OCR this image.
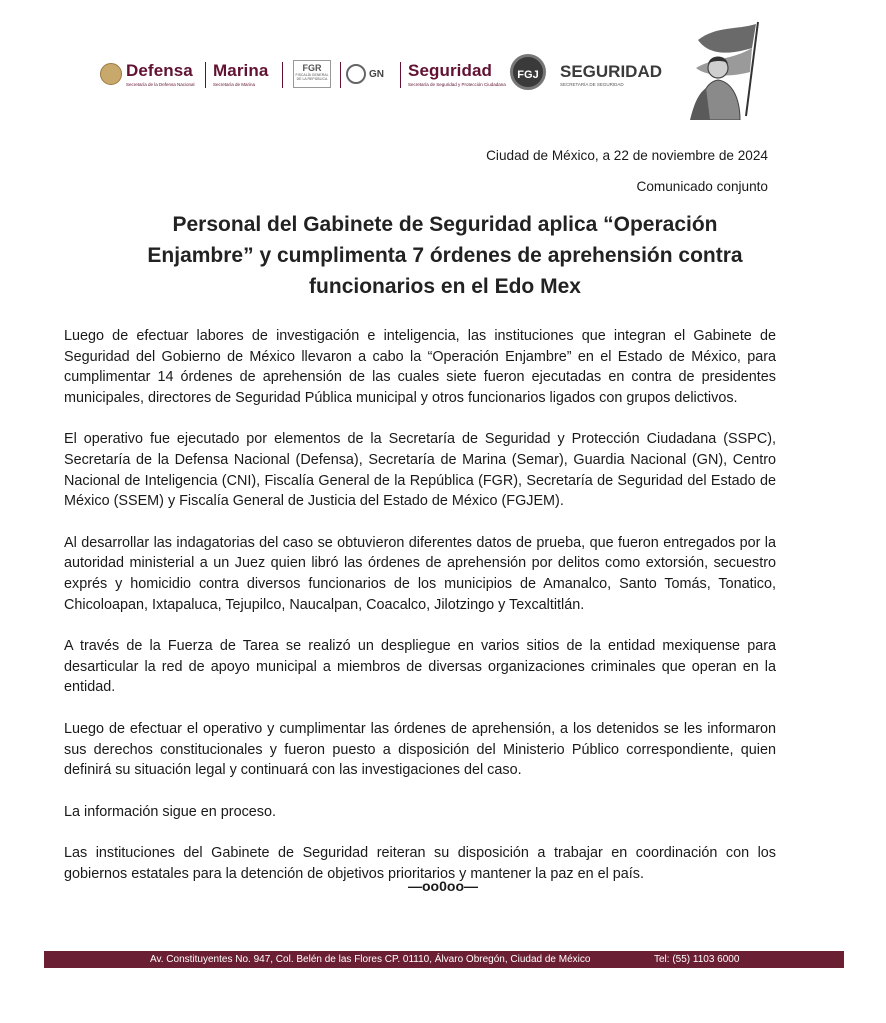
Defensa
Secretaría de la Defensa Nacional
Marina
Secretaría de Marina
FGR
FISCALÍA GENERAL DE LA REPÚBLICA	GN Seguridad
Secretaría de Seguridad y Protección Ciudadana
FGJ	SEGURIDAD
SECRETARÍA DE SEGURIDAD
Ciudad de México, a 22 de noviembre de 2024
Comunicado conjunto
Personal del Gabinete de Seguridad aplica “Operación
Enjambre” y cumplimenta 7 órdenes de aprehensión contra
funcionarios en el Edo Mex

Luego de efectuar labores de investigación e inteligencia, las instituciones que integran el Gabinete de Seguridad del Gobierno de México llevaron a cabo la “Operación Enjambre” en el Estado de México, para cumplimentar 14 órdenes de aprehensión de las cuales siete fueron ejecutadas en contra de presidentes municipales, directores de Seguridad Pública municipal y otros funcionarios ligados con grupos delictivos.

El operativo fue ejecutado por elementos de la Secretaría de Seguridad y Protección Ciudadana (SSPC), Secretaría de la Defensa Nacional (Defensa), Secretaría de Marina (Semar), Guardia Nacional (GN), Centro Nacional de Inteligencia (CNI), Fiscalía General de la República (FGR), Secretaría de Seguridad del Estado de México (SSEM) y Fiscalía General de Justicia del Estado de México (FGJEM).

Al desarrollar las indagatorias del caso se obtuvieron diferentes datos de prueba, que fueron entregados por la autoridad ministerial a un Juez quien libró las órdenes de aprehensión por delitos como extorsión, secuestro exprés y homicidio contra diversos funcionarios de los municipios de Amanalco, Santo Tomás, Tonatico, Chicoloapan, Ixtapaluca, Tejupilco, Naucalpan, Coacalco, Jilotzingo y Texcaltitlán.

A través de la Fuerza de Tarea se realizó un despliegue en varios sitios de la entidad mexiquense para desarticular la red de apoyo municipal a miembros de diversas organizaciones criminales que operan en la entidad.

Luego de efectuar el operativo y cumplimentar las órdenes de aprehensión, a los detenidos se les informaron sus derechos constitucionales y fueron puesto a disposición del Ministerio Público correspondiente, quien definirá su situación legal y continuará con las investigaciones del caso.

La información sigue en proceso.

Las instituciones del Gabinete de Seguridad reiteran su disposición a trabajar en coordinación con los gobiernos estatales para la detención de objetivos prioritarios y mantener la paz en el país.

—oo0oo—
Av. Constituyentes No. 947, Col. Belén de las Flores CP. 01110, Álvaro Obregón, Ciudad de México	Tel: (55) 1103 6000
